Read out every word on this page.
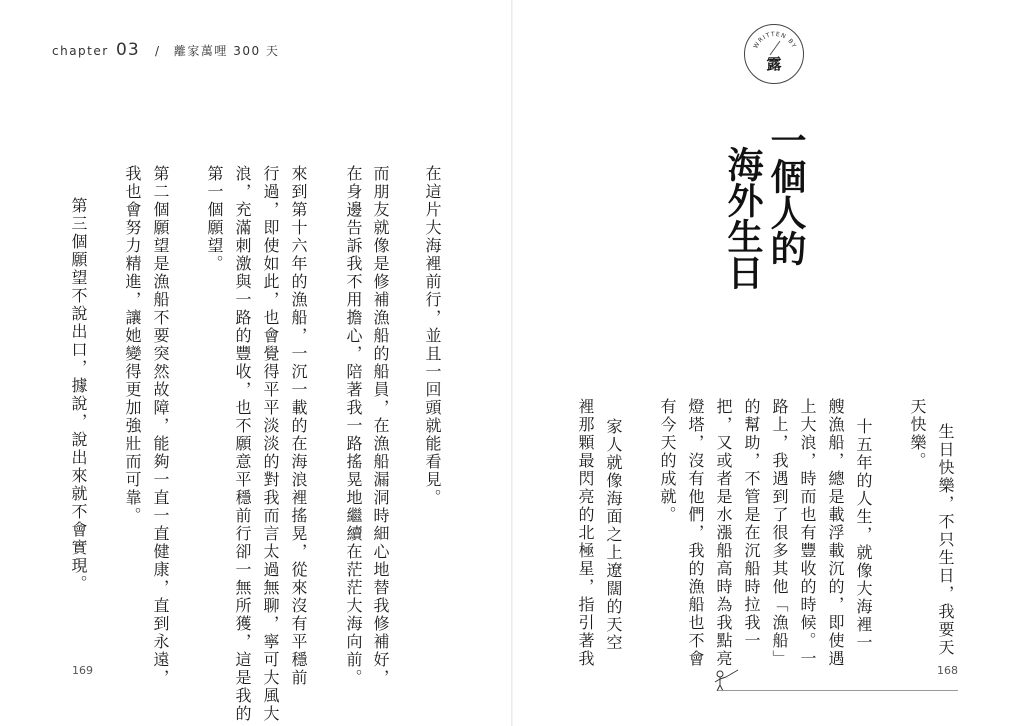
chapter 03 / 離家萬哩 300 天
在這片大海裡前行，並且一回頭就能看見。
而朋友就像是修補漁船的船員，在漁船漏洞時細心地替我修補好，
在身邊告訴我不用擔心，陪著我一路搖晃地繼續在茫茫大海向前。
來到第十六年的漁船，一沉一載的在海浪裡搖晃，從來沒有平穩前
行過，即使如此，也會覺得平平淡淡的對我而言太過無聊，寧可大風大
浪，充滿刺激與一路的豐收，也不願意平穩前行卻一無所獲，這是我的
第一個願望。
第二個願望是漁船不要突然故障，能夠一直一直健康，直到永遠，
我也會努力精進，讓她變得更加強壯而可靠。
第三個願望不說出口，據說，說出來就不會實現。
169
WRITTEN BY
露
一個人的
海外生日
生日快樂，不只生日，我要天
天快樂。
十五年的人生，就像大海裡一
艘漁船，總是載浮載沉的，即使遇
上大浪，時而也有豐收的時候。一
路上，我遇到了很多其他「漁船」
的幫助，不管是在沉船時拉我一
把，又或者是水漲船高時為我點亮
燈塔，沒有他們，我的漁船也不會
有今天的成就。
家人就像海面之上遼闊的天空
裡那顆最閃亮的北極星，指引著我
168
